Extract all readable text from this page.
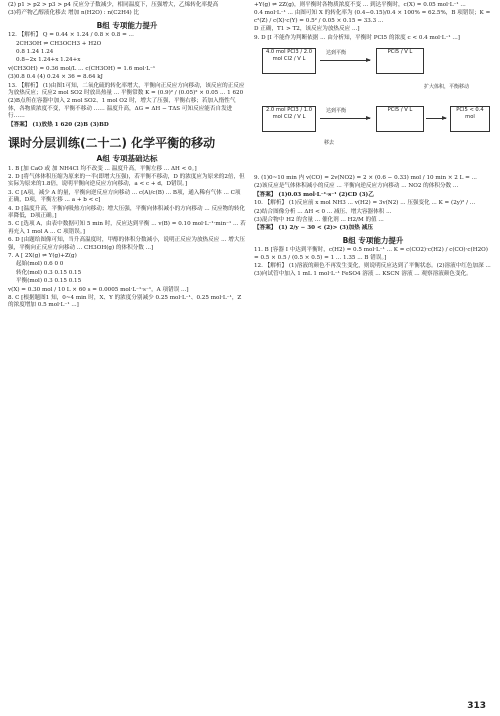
(2) p1 > p2 > p3 > p4 反应分子数减少，相同温度下，压强增大，乙烯转化率提高

(3)将产物乙醇液化移去 增加 n(H2O) : n(C2H4) 比

B组 专项能力提升

12. 【解析】 Q = 0.44 × 1.24 / 0.8 × 0.8 = ...

2CH3OH ⇌ CH3OCH3 + H2O

0.8 1.24 1.24

0.8−2x 1.24+x 1.24+x

v(CH3OH) = 0.36 mol/L … c(CH3OH) = 1.6 mol·L⁻¹

(3)0.8 0.4 (4) 0.24 × 36 = 8.64 kJ

13. 【解析】 (1)由图1可知，二氧化硫的转化率增大，平衡向正反应方向移动，该反应的正反应为放热反应；反应2 mol SO2 时放出热量 ... 平衡常数 K = (0.9)² / (0.05)² × 0.05 ... 1 620

(2)B点所在容器中加入 2 mol SO2、1 mol O2 时，增大了压强，平衡右移；若加入惰性气体，各物质浓度不变，平衡不移动 …… 温度升高，ΔG = ΔH − TΔS 可知反应能否自发进行……

【答案】 (1)放热 1 620 (2)B (3)BD

课时分层训练(二十二) 化学平衡的移动
A组 专项基础达标

1. B [加 CaO 或 加 NH4Cl 均不改变 ... 温度升高，平衡左移 ... ΔH < 0。]

2. D [将气体体积压缩为原来的一半(即增大压强)，若平衡不移动，D 的浓度应为原来的2倍，但实际为原来的1.8倍，说明平衡向逆反应方向移动，a < c + d，D错误。]

3. C [A项，减少 A 的量，平衡向逆反应方向移动 ... c(A)/c(B) ... B项，通入稀有气体 ... C项正确，D项，平衡左移 ... a + b < c]

4. D [温度升高，平衡向吸热方向移动；增大压强，平衡向体积减小的方向移动 ... 反应物的转化率降低，D项正确。]

5. C [选项 A，由表中数据可知 5 min 时，反应达到平衡 ... v(B) = 0.10 mol·L⁻¹·min⁻¹ ... 若再充入 1 mol A ... C 项错误。]

6. D [由题给图像可知，当升高温度时，甲醇的体积分数减小，说明正反应为放热反应 ... 增大压强，平衡向正反应方向移动 ... CH3OH(g) 的体积分数 ...]

7. A [ 2X(g) ⇌ Y(g)+Z(g)

起始(mol) 0.6 0 0

转化(mol) 0.3 0.15 0.15

平衡(mol) 0.3 0.15 0.15

v(X) = 0.30 mol / 10 L × 60 s = 0.0005 mol·L⁻¹·s⁻¹，A 项错误 ...]

8. C [根据题图1 知，0~4 min 时，X、Y 的浓度分别减少 0.25 mol·L⁻¹、0.25 mol·L⁻¹，Z 的浓度增加 0.5 mol·L⁻¹ ...]

+Y(g) ⇌ 2Z(g)，则平衡时各物质浓度不变 ... 到达平衡时，c(X) = 0.05 mol·L⁻¹ ...

0.4 mol·L⁻¹ ... 由图可知 X 的转化率为 (0.4−0.15)/0.4 × 100% = 62.5%，B 项错误；K = c²(Z) / c(X)·c(Y) = 0.5² / 0.05 × 0.15 = 33.3 ...

D 正确，T1 > T2，该反应为放热反应 ...]

9. D [I 不能作为判断依据 ... 由分析知，平衡时 PCl5 的浓度 c < 0.4 mol·L⁻¹ ...]

4.0 mol PCl3 / 2.0 mol Cl2 / V L
达到平衡	PCl5 / V L
2.0 mol PCl3 / 1.0 mol Cl2 / V L
达到平衡	PCl5 / V L
扩大体积，平衡移动
PCl5 < 0.4 mol
移去

9. (1)0~10 min 内 v(CO) = 2v(NO2) = 2 × (0.6 − 0.33) mol / 10 min × 2 L = ...

(2)该反应是气体体积减小的反应 ... 平衡向逆反应方向移动 ... NO2 的体积分数 ...

【答案】 (1)0.03 mol·L⁻¹·s⁻¹ (2)CD (3)乙

10. 【解析】 (1)反应前 x mol NH3 ... v(H2) = 3v(N2) ... 压强变化 ... K = (2y)² / ...

(2)结合图像分析 ... ΔH < 0 ... 减压、增大容器体积 ...

(3)混合物中 H2 的含量 ... 催化剂 ... H2/M 的值 ...

【答案】 (1) 2/y − 30 < (2)> (3)加热 减压

B组 专项能力提升

11. B [容器 I 中达到平衡时，c(H2) = 0.5 mol·L⁻¹ ... K = c(CO2)·c(H2) / c(CO)·c(H2O) = 0.5 × 0.5 / (0.5 × 0.5) = 1 ... 1.35 ... B 错误。]

12. 【解析】 (1)溶液的颜色不再发生变化，则说明反应达到了平衡状态。(2)溶液中红色加深 ... (3)向试管中加入 1 mL 1 mol·L⁻¹ FeSO4 溶液 ... KSCN 溶液 ... 观察溶液颜色变化。

313
